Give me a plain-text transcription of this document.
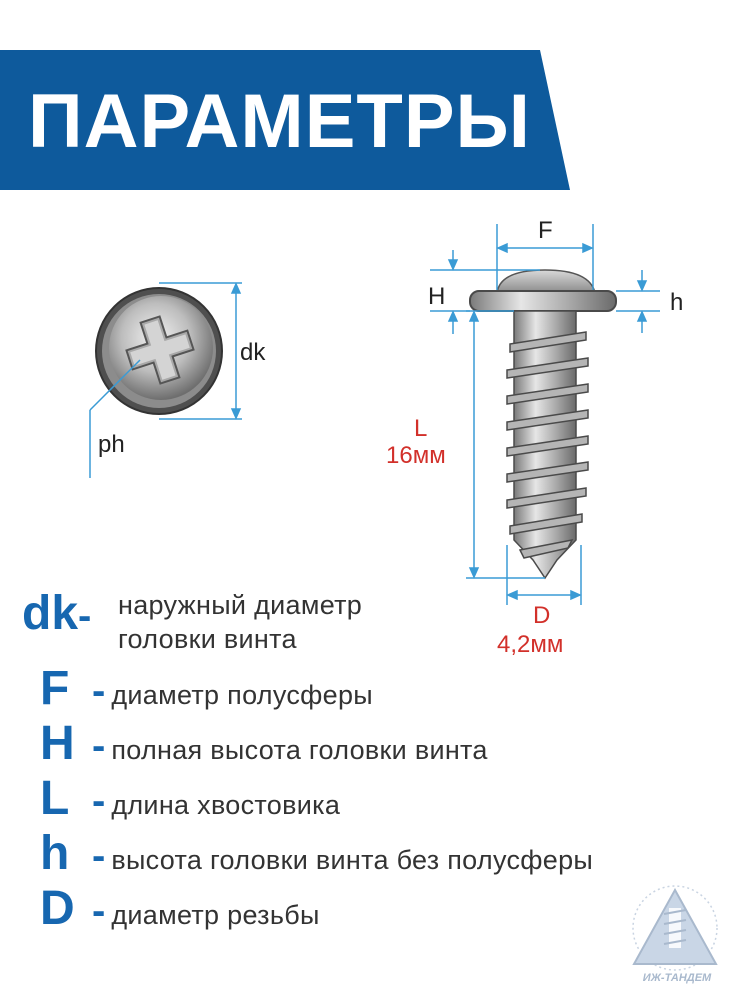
ПАРАМЕТРЫ
dk
ph
F
H	h
L
16мм
D
4,2мм
dk - наружный диаметр
головки винта
F - диаметр полусферы
H - полная высота головки винта
L - длина хвостовика
h - высота головки винта без полусферы
D - диаметр резьбы
ИЖ-ТАНДЕМ
